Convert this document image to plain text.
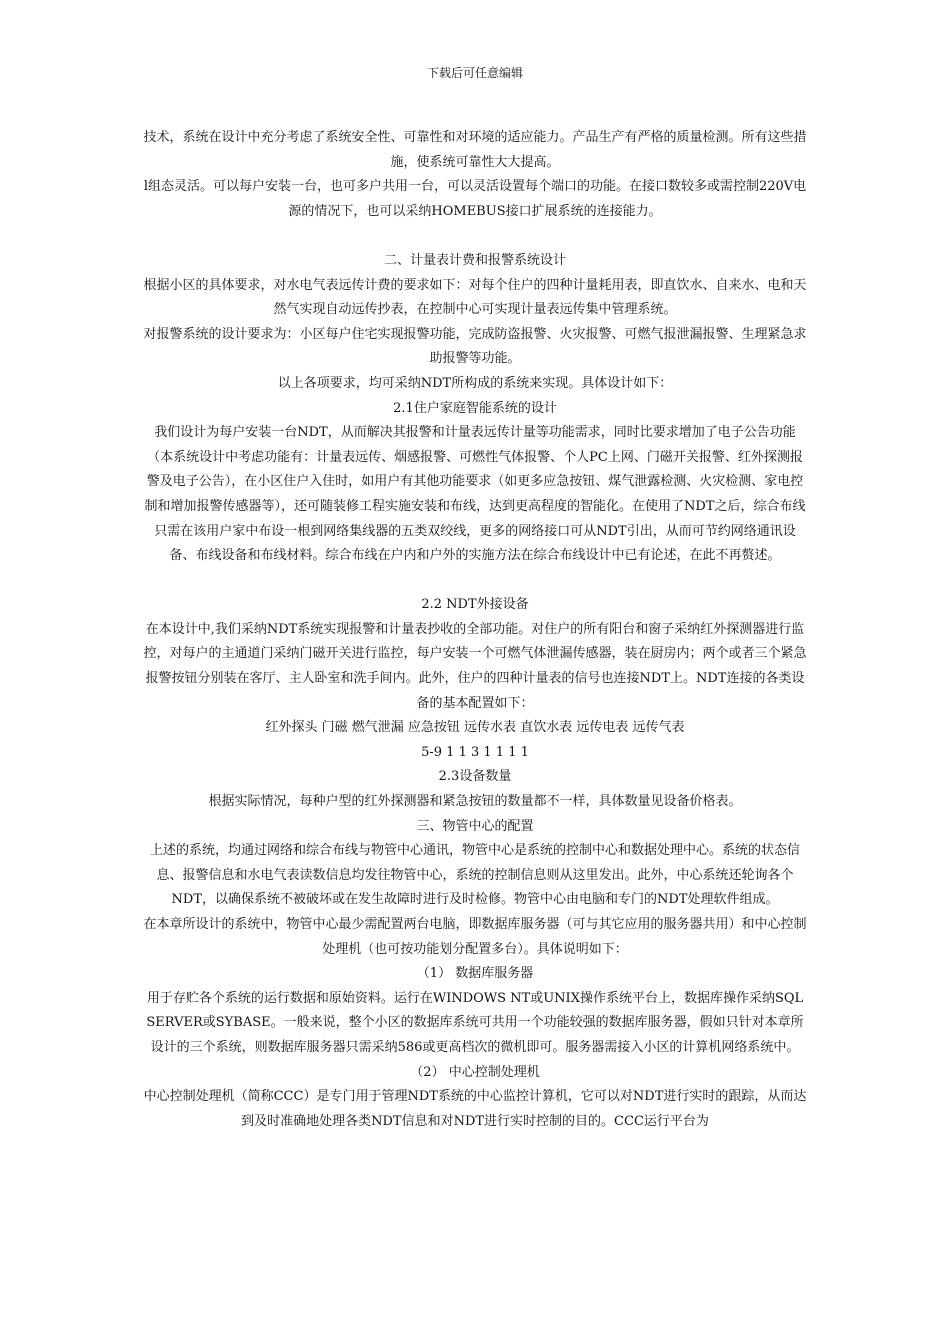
下载后可任意编辑

技术，系统在设计中充分考虑了系统安全性、可靠性和对环境的适应能力。产品生产有严格的质量检测。所有这些措施，使系统可靠性大大提高。

l组态灵活。可以每户安装一台，也可多户共用一台，可以灵活设置每个端口的功能。在接口数较多或需控制220V电源的情况下，也可以采纳HOMEBUS接口扩展系统的连接能力。

二、计量表计费和报警系统设计

根据小区的具体要求，对水电气表远传计费的要求如下：对每个住户的四种计量耗用表，即直饮水、自来水、电和天然气实现自动远传抄表，在控制中心可实现计量表远传集中管理系统。

对报警系统的设计要求为：小区每户住宅实现报警功能，完成防盗报警、火灾报警、可燃气报泄漏报警、生理紧急求助报警等功能。

以上各项要求，均可采纳NDT所构成的系统来实现。具体设计如下：

2.1住户家庭智能系统的设计

我们设计为每户安装一台NDT，从而解决其报警和计量表远传计量等功能需求，同时比要求增加了电子公告功能（本系统设计中考虑功能有：计量表远传、烟感报警、可燃性气体报警、个人PC上网、门磁开关报警、红外探测报警及电子公告），在小区住户入住时，如用户有其他功能要求（如更多应急按钮、煤气泄露检测、火灾检测、家电控制和增加报警传感器等），还可随装修工程实施安装和布线，达到更高程度的智能化。在使用了NDT之后，综合布线只需在该用户家中布设一根到网络集线器的五类双绞线，更多的网络接口可从NDT引出，从而可节约网络通讯设备、布线设备和布线材料。综合布线在户内和户外的实施方法在综合布线设计中已有论述，在此不再赘述。

2.2 NDT外接设备

在本设计中,我们采纳NDT系统实现报警和计量表抄收的全部功能。对住户的所有阳台和窗子采纳红外探测器进行监控，对每户的主通道门采纳门磁开关进行监控，每户安装一个可燃气体泄漏传感器，装在厨房内；两个或者三个紧急报警按钮分别装在客厅、主人卧室和洗手间内。此外，住户的四种计量表的信号也连接NDT上。NDT连接的各类设备的基本配置如下：

红外探头 门磁 燃气泄漏 应急按钮 远传水表 直饮水表 远传电表 远传气表

5-9 1 1 3 1 1 1 1

2.3设备数量

根据实际情况，每种户型的红外探测器和紧急按钮的数量都不一样，具体数量见设备价格表。

三、物管中心的配置

上述的系统，均通过网络和综合布线与物管中心通讯，物管中心是系统的控制中心和数据处理中心。系统的状态信息、报警信息和水电气表读数信息均发往物管中心，系统的控制信息则从这里发出。此外，中心系统还轮询各个NDT，以确保系统不被破坏或在发生故障时进行及时检修。物管中心由电脑和专门的NDT处理软件组成。

在本章所设计的系统中，物管中心最少需配置两台电脑，即数据库服务器（可与其它应用的服务器共用）和中心控制处理机（也可按功能划分配置多台）。具体说明如下：

（1） 数据库服务器

用于存贮各个系统的运行数据和原始资料。运行在WINDOWS NT或UNIX操作系统平台上，数据库操作采纳SQL SERVER或SYBASE。一般来说，整个小区的数据库系统可共用一个功能较强的数据库服务器，假如只针对本章所设计的三个系统，则数据库服务器只需采纳586或更高档次的微机即可。服务器需接入小区的计算机网络系统中。

（2） 中心控制处理机

中心控制处理机（简称CCC）是专门用于管理NDT系统的中心监控计算机，它可以对NDT进行实时的跟踪，从而达到及时准确地处理各类NDT信息和对NDT进行实时控制的目的。CCC运行平台为
